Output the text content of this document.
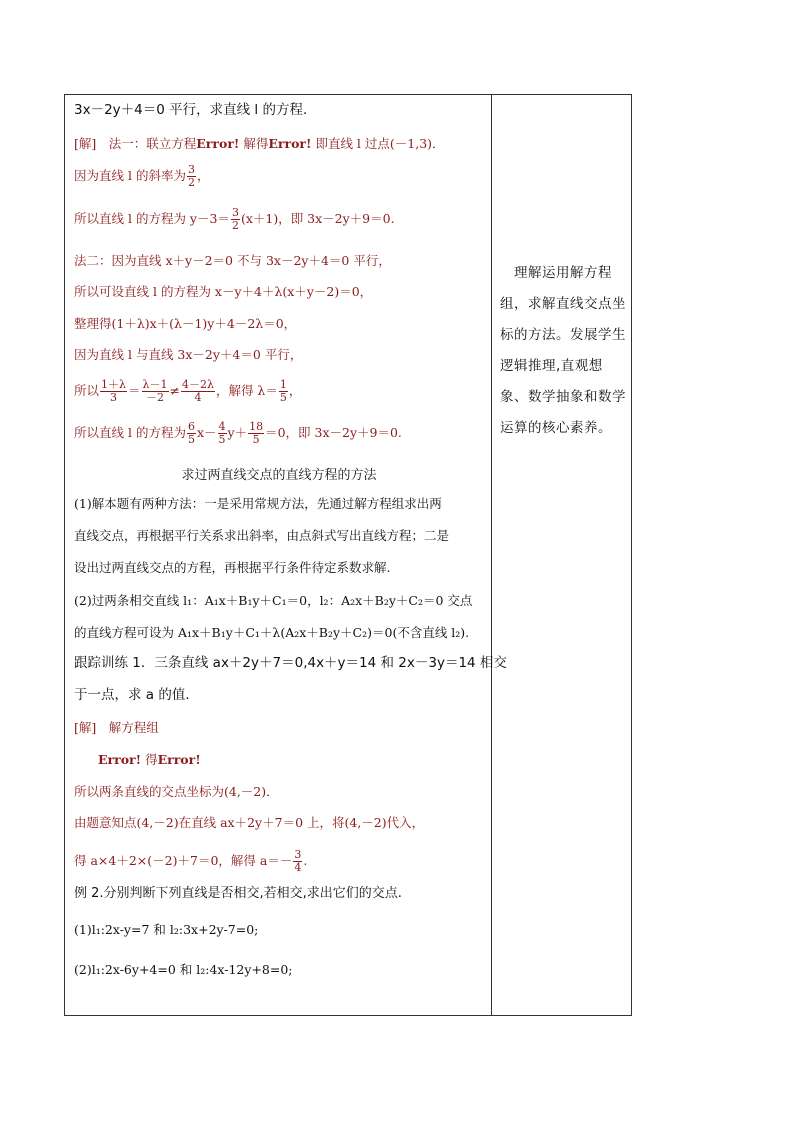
3x－2y＋4＝0 平行，求直线 l 的方程．
[解]　法一：联立方程Error! 解得Error! 即直线 l 过点(－1,3)．
因为直线 l 的斜率为 $\frac{3}{2}$ ，
所以直线 l 的方程为 $y-3= \frac{3}{2} (x+1)$，即 3x－2y＋9＝0.
法二：因为直线 x＋y－2＝0 不与 3x－2y＋4＝0 平行，
所以可设直线 l 的方程为 x－y＋4＋λ(x＋y－2)＝0，
整理得(1＋λ)x＋(λ－1)y＋4－2λ＝0，
因为直线 l 与直线 3x－2y＋4＝0 平行，
所以 $\frac{1+\lambda}{3} = \frac{\lambda-1}{-2} \ne \frac{4-2\lambda}{4}$ ，解得 $\lambda= \frac{1}{5}$ ，
所以直线 l 的方程为 $\frac{6}{5} x- \frac{4}{5} y+ \frac{18}{5} =0$，即 3x－2y＋9＝0.
求过两直线交点的直线方程的方法
(1)解本题有两种方法：一是采用常规方法，先通过解方程组求出两
直线交点，再根据平行关系求出斜率，由点斜式写出直线方程；二是
设出过两直线交点的方程，再根据平行条件待定系数求解.
(2)过两条相交直线 l₁：A₁x＋B₁y＋C₁＝0，l₂：A₂x＋B₂y＋C₂＝0 交点
的直线方程可设为 A₁x＋B₁y＋C₁＋λ(A₂x＋B₂y＋C₂)＝0(不含直线 l₂).
跟踪训练 1．三条直线 ax＋2y＋7＝0,4x＋y＝14 和 2x－3y＝14 相交
于一点，求 a 的值．
[解]　解方程组
Error! 得Error!
所以两条直线的交点坐标为(4,－2)．
由题意知点(4,－2)在直线 ax＋2y＋7＝0 上，将(4,－2)代入，
得 a×4＋2×(－2)＋7＝0，解得 $a=- \frac{3}{4}$ .
例 2.分别判断下列直线是否相交,若相交,求出它们的交点.
(1)l₁:2x-y=7 和 l₂:3x+2y-7=0;
(2)l₁:2x-6y+4=0 和 l₂:4x-12y+8=0;
　理解运用解方程组，求解直线交点坐标的方法。发展学生逻辑推理,直观想象、数学抽象和数学运算的核心素养。
